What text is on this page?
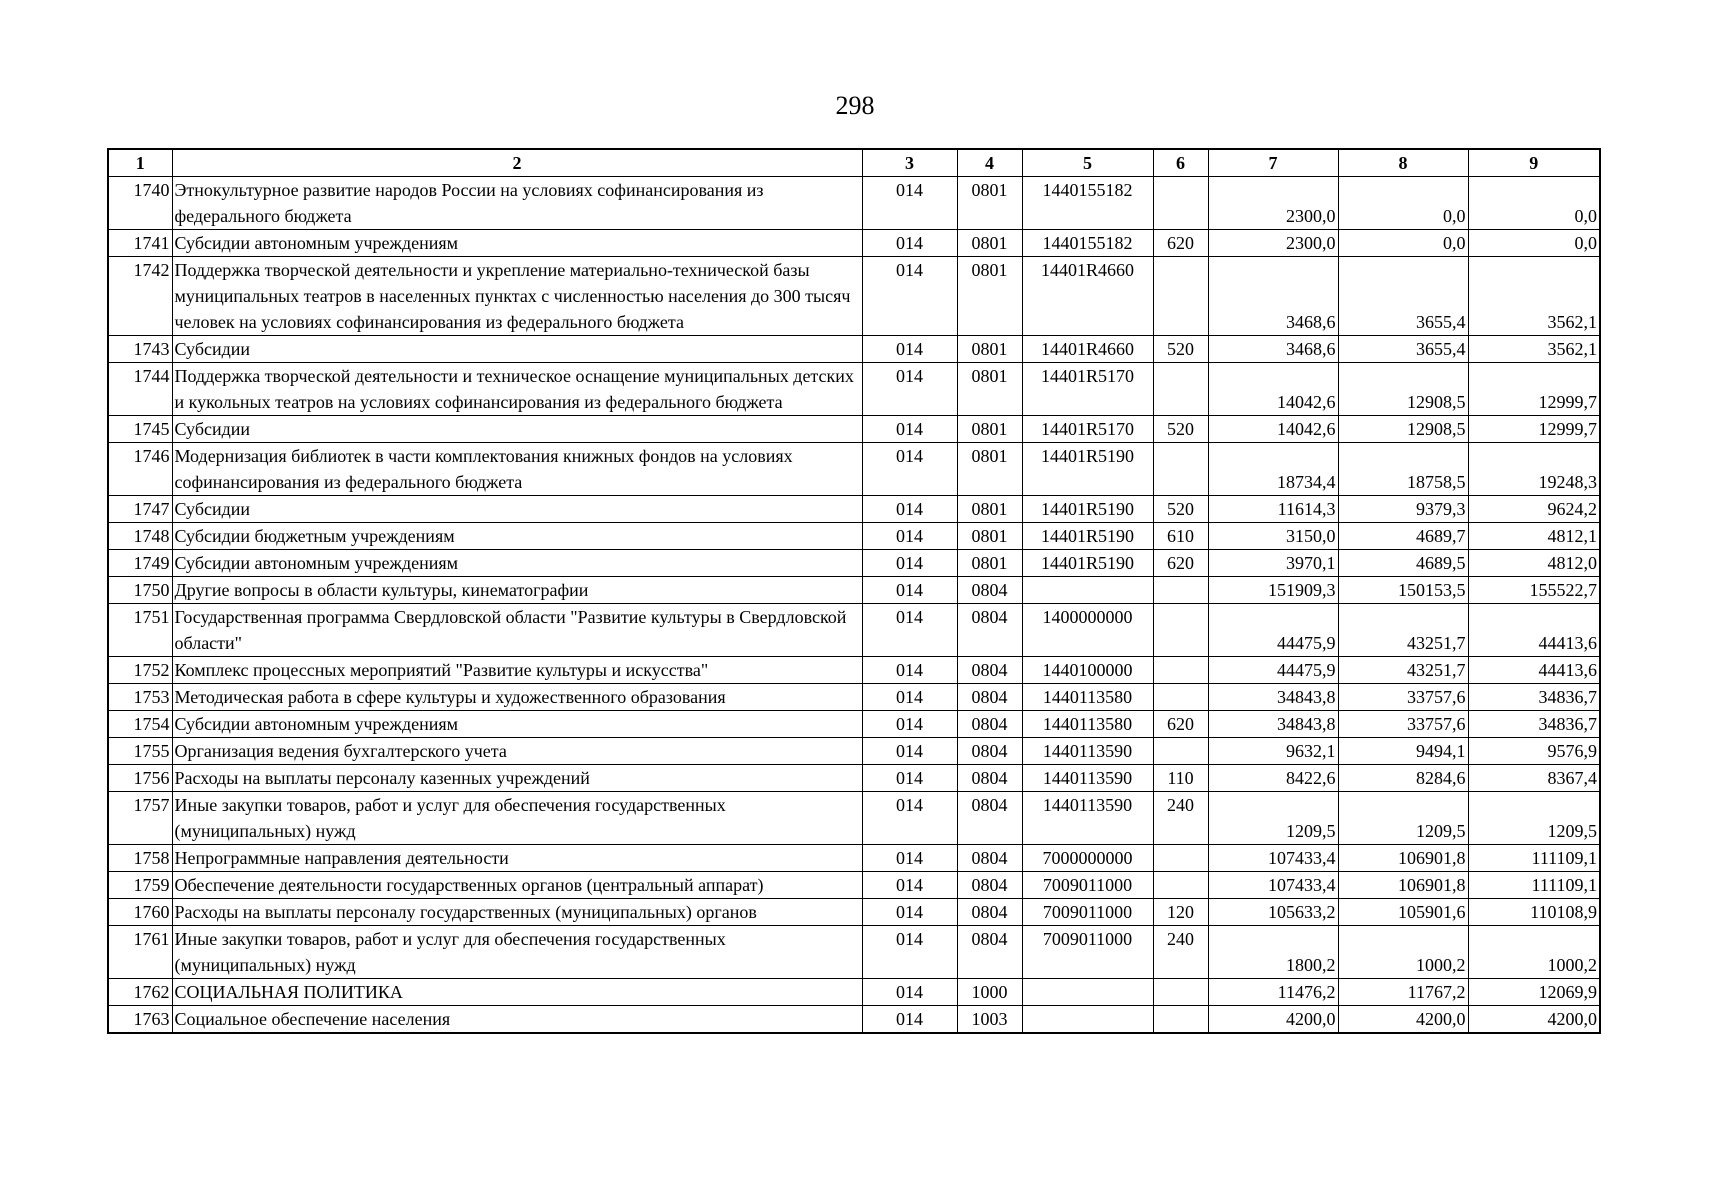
298
1	2	3	4	5	6	7	8	9
1740	Этнокультурное развитие народов России на условиях софинансирования из федерального бюджета	014	0801	1440155182		2300,0	0,0	0,0
1741	Субсидии автономным учреждениям	014	0801	1440155182	620	2300,0	0,0	0,0
1742	Поддержка творческой деятельности и укрепление материально-технической базы муниципальных театров в населенных пунктах с численностью населения до 300 тысяч человек на условиях софинансирования из федерального бюджета	014	0801	14401R4660		3468,6	3655,4	3562,1
1743	Субсидии	014	0801	14401R4660	520	3468,6	3655,4	3562,1
1744	Поддержка творческой деятельности и техническое оснащение муниципальных детских и кукольных театров на условиях софинансирования из федерального бюджета	014	0801	14401R5170		14042,6	12908,5	12999,7
1745	Субсидии	014	0801	14401R5170	520	14042,6	12908,5	12999,7
1746	Модернизация библиотек в части комплектования книжных фондов на условиях софинансирования из федерального бюджета	014	0801	14401R5190		18734,4	18758,5	19248,3
1747	Субсидии	014	0801	14401R5190	520	11614,3	9379,3	9624,2
1748	Субсидии бюджетным учреждениям	014	0801	14401R5190	610	3150,0	4689,7	4812,1
1749	Субсидии автономным учреждениям	014	0801	14401R5190	620	3970,1	4689,5	4812,0
1750	Другие вопросы в области культуры, кинематографии	014	0804			151909,3	150153,5	155522,7
1751	Государственная программа Свердловской области "Развитие культуры в Свердловской области"	014	0804	1400000000		44475,9	43251,7	44413,6
1752	Комплекс процессных мероприятий "Развитие культуры и искусства"	014	0804	1440100000		44475,9	43251,7	44413,6
1753	Методическая работа в сфере культуры и художественного образования	014	0804	1440113580		34843,8	33757,6	34836,7
1754	Субсидии автономным учреждениям	014	0804	1440113580	620	34843,8	33757,6	34836,7
1755	Организация ведения бухгалтерского учета	014	0804	1440113590		9632,1	9494,1	9576,9
1756	Расходы на выплаты персоналу казенных учреждений	014	0804	1440113590	110	8422,6	8284,6	8367,4
1757	Иные закупки товаров, работ и услуг для обеспечения государственных (муниципальных) нужд	014	0804	1440113590	240	1209,5	1209,5	1209,5
1758	Непрограммные направления деятельности	014	0804	7000000000		107433,4	106901,8	111109,1
1759	Обеспечение деятельности государственных органов (центральный аппарат)	014	0804	7009011000		107433,4	106901,8	111109,1
1760	Расходы на выплаты персоналу государственных (муниципальных) органов	014	0804	7009011000	120	105633,2	105901,6	110108,9
1761	Иные закупки товаров, работ и услуг для обеспечения государственных (муниципальных) нужд	014	0804	7009011000	240	1800,2	1000,2	1000,2
1762	СОЦИАЛЬНАЯ ПОЛИТИКА	014	1000			11476,2	11767,2	12069,9
1763	Социальное обеспечение населения	014	1003			4200,0	4200,0	4200,0
